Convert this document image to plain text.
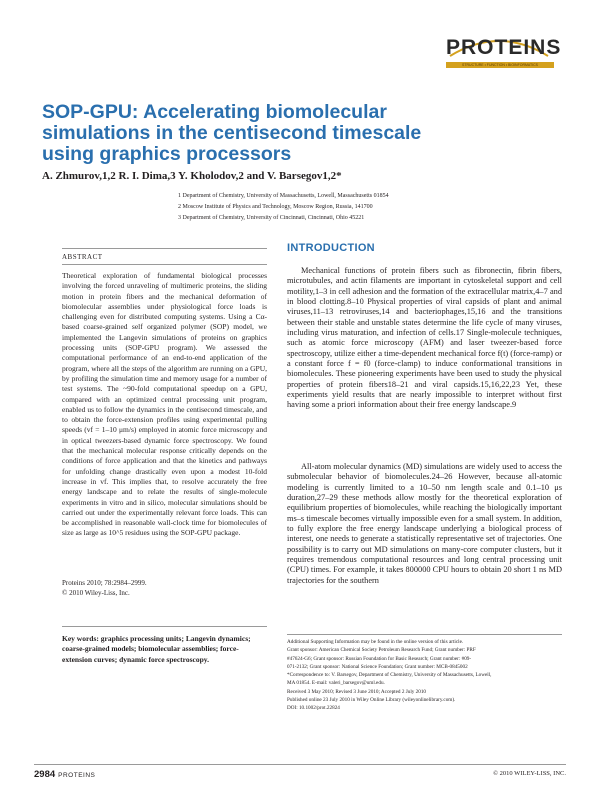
PROTEINS
STRUCTURE • FUNCTION • BIOINFORMATICS
SOP-GPU: Accelerating biomolecular simulations in the centisecond timescale using graphics processors

A. Zhmurov,1,2 R. I. Dima,3 Y. Kholodov,2 and V. Barsegov1,2*

1 Department of Chemistry, University of Massachusetts, Lowell, Massachusetts 01854
2 Moscow Institute of Physics and Technology, Moscow Region, Russia, 141700
3 Department of Chemistry, University of Cincinnati, Cincinnati, Ohio 45221
ABSTRACT

Theoretical exploration of fundamental biological processes involving the forced unraveling of multimeric proteins, the sliding motion in protein fibers and the mechanical deformation of biomolecular assemblies under physiological force loads is challenging even for distributed computing systems. Using a Cα-based coarse-grained self organized polymer (SOP) model, we implemented the Langevin simulations of proteins on graphics processing units (SOP-GPU program). We assessed the computational performance of an end-to-end application of the program, where all the steps of the algorithm are running on a GPU, by profiling the simulation time and memory usage for a number of test systems. The ~90-fold computational speedup on a GPU, compared with an optimized central processing unit program, enabled us to follow the dynamics in the centisecond timescale, and to obtain the force-extension profiles using experimental pulling speeds (vf = 1–10 μm/s) employed in atomic force microscopy and in optical tweezers-based dynamic force spectroscopy. We found that the mechanical molecular response critically depends on the conditions of force application and that the kinetics and pathways for unfolding change drastically even upon a modest 10-fold increase in vf. This implies that, to resolve accurately the free energy landscape and to relate the results of single-molecule experiments in vitro and in silico, molecular simulations should be carried out under the experimentally relevant force loads. This can be accomplished in reasonable wall-clock time for biomolecules of size as large as 10^5 residues using the SOP-GPU package.

Proteins 2010; 78:2984–2999.
© 2010 Wiley-Liss, Inc.

Key words: graphics processing units; Langevin dynamics; coarse-grained models; biomolecular assemblies; force-extension curves; dynamic force spectroscopy.

INTRODUCTION

Mechanical functions of protein fibers such as fibronectin, fibrin fibers, microtubules, and actin filaments are important in cytoskeletal support and cell motility,1–3 in cell adhesion and the formation of the extracellular matrix,4–7 and in blood clotting.8–10 Physical properties of viral capsids of plant and animal viruses,11–13 retroviruses,14 and bacteriophages,15,16 and the transitions between their stable and unstable states determine the life cycle of many viruses, including virus maturation, and infection of cells.17 Single-molecule techniques, such as atomic force microscopy (AFM) and laser tweezer-based force spectroscopy, utilize either a time-dependent mechanical force f(t) (force-ramp) or a constant force f = f0 (force-clamp) to induce conformational transitions in biomolecules. These pioneering experiments have been used to study the physical properties of protein fibers18–21 and viral capsids.15,16,22,23 Yet, these experiments yield results that are nearly impossible to interpret without first having some a priori information about their free energy landscape.9

All-atom molecular dynamics (MD) simulations are widely used to access the submolecular behavior of biomolecules.24–26 However, because all-atomic modeling is currently limited to a 10–50 nm length scale and 0.1–10 μs duration,27–29 these methods allow mostly for the theoretical exploration of equilibrium properties of biomolecules, while reaching the biologically important ms–s timescale becomes virtually impossible even for a small system. In addition, to fully explore the free energy landscape underlying a biological process of interest, one needs to generate a statistically representative set of trajectories. One possibility is to carry out MD simulations on many-core computer clusters, but it requires tremendous computational resources and long central processing unit (CPU) times. For example, it takes 800000 CPU hours to obtain 20 short 1 ns MD trajectories for the southern

Additional Supporting Information may be found in the online version of this article.
Grant sponsor: American Chemical Society Petroleum Research Fund; Grant number: PRF
#47624-G6; Grant sponsor: Russian Foundation for Basic Research; Grant number: #09-
071-2132; Grant sponsor: National Science Foundation; Grant number: MCB-0845002
*Correspondence to: V. Barsegov, Department of Chemistry, University of Massachusetts, Lowell,
MA 01854. E-mail: valeri_barsegov@uml.edu.
Received 3 May 2010; Revised 3 June 2010; Accepted 2 July 2010
Published online 23 July 2010 in Wiley Online Library (wileyonlinelibrary.com).
DOI: 10.1002/prot.22824
2984 PROTEINS	© 2010 WILEY-LISS, INC.
